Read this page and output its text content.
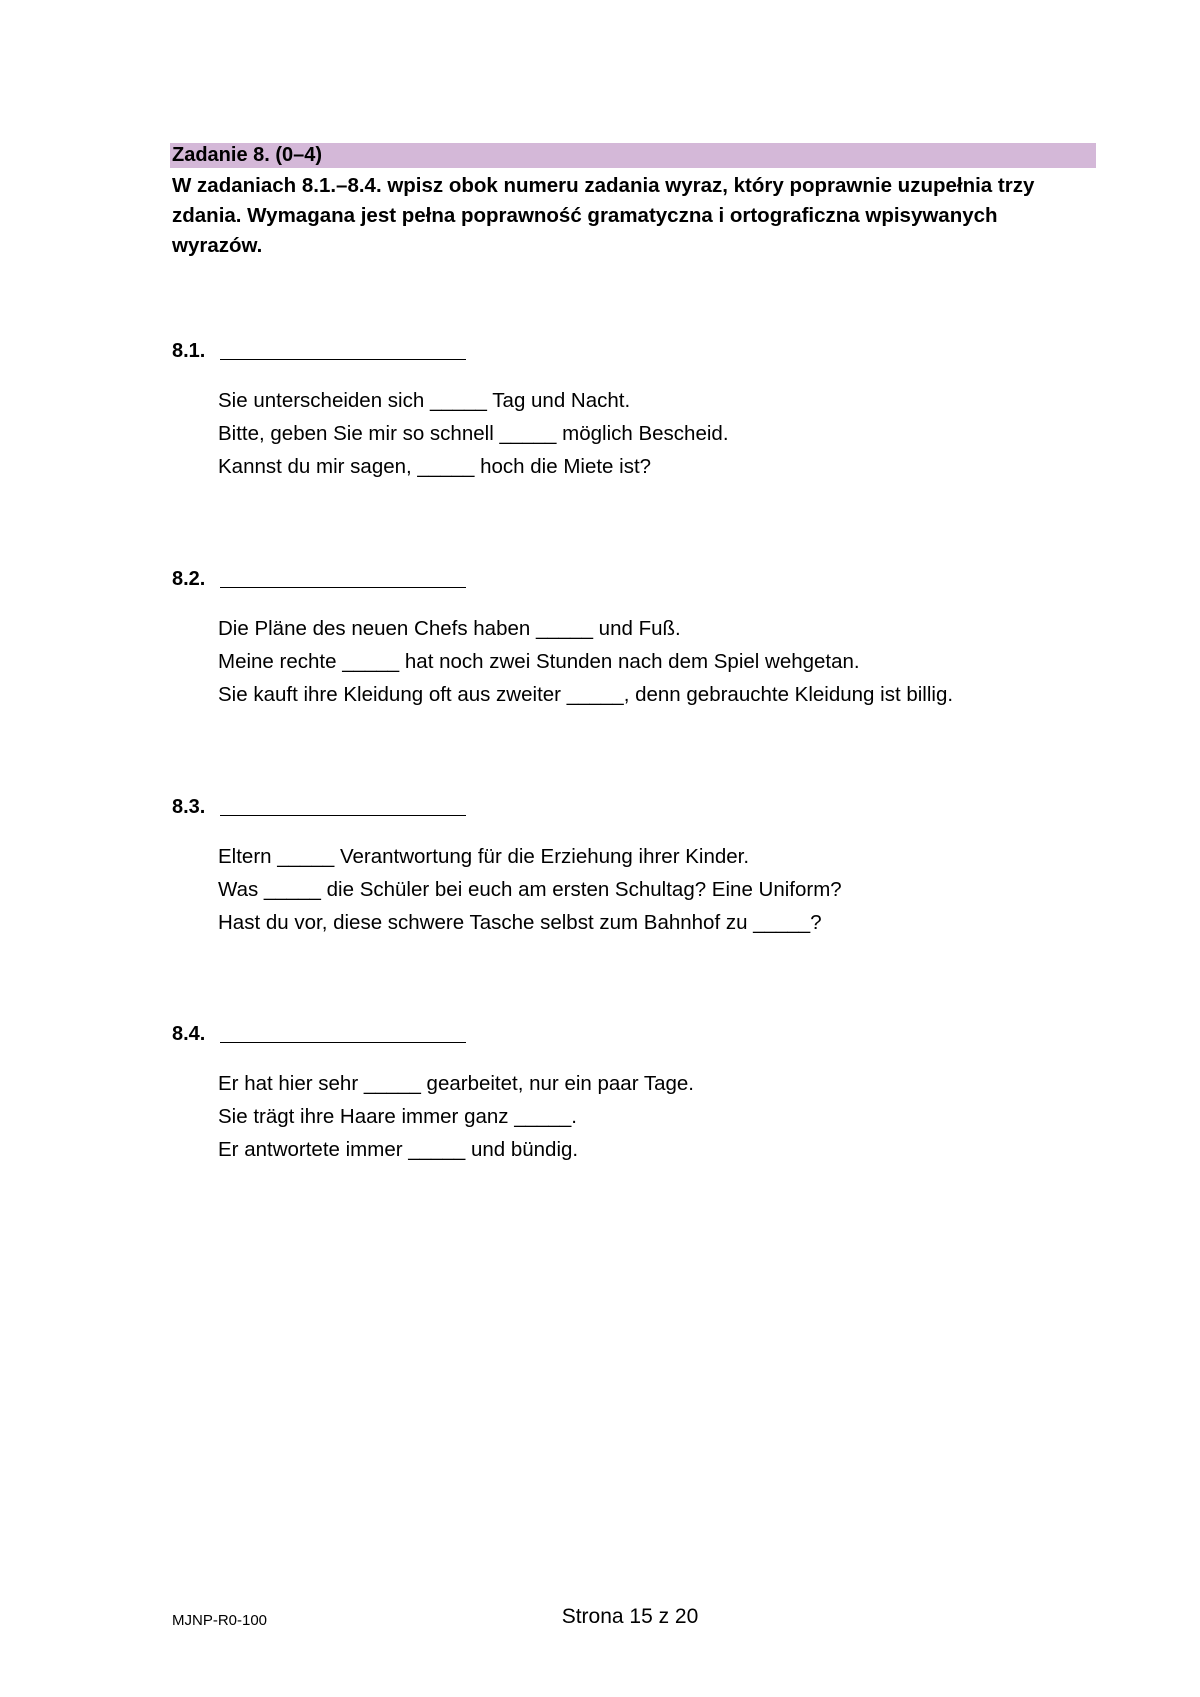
Zadanie 8. (0–4)
W zadaniach 8.1.–8.4. wpisz obok numeru zadania wyraz, który poprawnie uzupełnia trzy zdania. Wymagana jest pełna poprawność gramatyczna i ortograficzna wpisywanych wyrazów.
8.1.
Sie unterscheiden sich _____ Tag und Nacht.
Bitte, geben Sie mir so schnell _____ möglich Bescheid.
Kannst du mir sagen, _____ hoch die Miete ist?
8.2.
Die Pläne des neuen Chefs haben _____ und Fuß.
Meine rechte _____ hat noch zwei Stunden nach dem Spiel wehgetan.
Sie kauft ihre Kleidung oft aus zweiter _____, denn gebrauchte Kleidung ist billig.
8.3.
Eltern _____ Verantwortung für die Erziehung ihrer Kinder.
Was _____ die Schüler bei euch am ersten Schultag? Eine Uniform?
Hast du vor, diese schwere Tasche selbst zum Bahnhof zu _____?
8.4.
Er hat hier sehr _____ gearbeitet, nur ein paar Tage.
Sie trägt ihre Haare immer ganz _____.
Er antwortete immer _____ und bündig.
MJNP-R0-100	Strona 15 z 20
